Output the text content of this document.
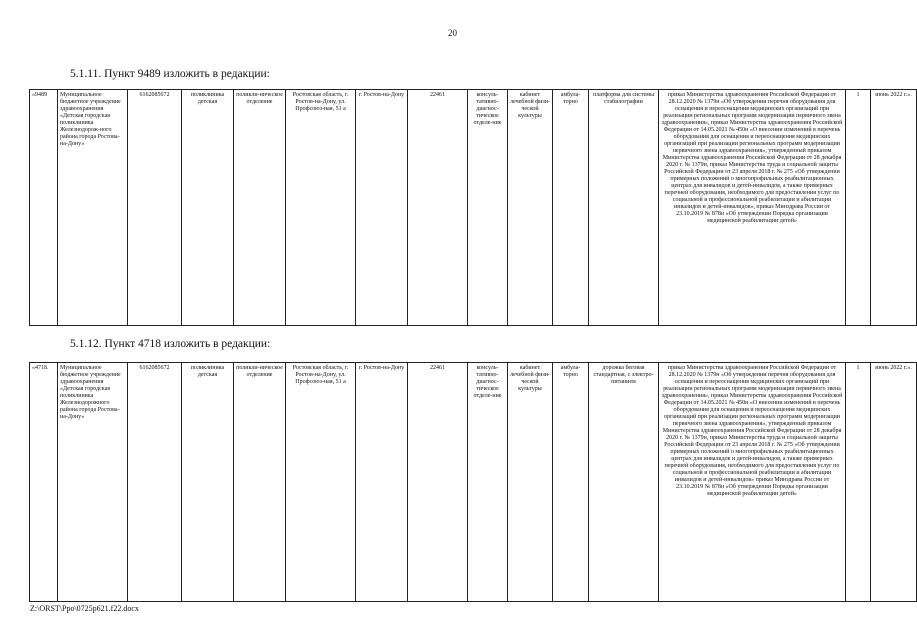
20
5.1.11. Пункт 9489 изложить в редакции:
«9489	Муниципальное бюджетное учреждение здравоохранения «Детская городская поликлиника Железнодорож-ного района города Ростова-на-Дону»	6162085672	поликлиника детская	поликли-ническое отделение	Ростовская область, г. Ростов-на-Дону, ул. Профсоюз-ная, 51 а	г. Ростов-на-Дону	22461	консуль-тативно-диагнос-тическое отделе-ние	кабинет лечебной физи-ческой культуры	амбула-торно	платформа для системы стабилографии	приказ Министерства здравоохранения Российской Федерации от 28.12.2020 № 1379н «Об утверждении перечня оборудования для оснащения и переоснащения медицинских организаций при реализации региональных программ модернизации первичного звена здравоохранения», приказ Министерства здравоохранения Российской Федерации от 14.05.2021 № 450н «О внесении изменений в перечень оборудования для оснащения и переоснащения медицинских организаций при реализации региональных программ модернизации первичного звена здравоохранения», утвержденный приказом Министерства здравоохранения Российской Федерации от 28 декабря 2020 г. № 1379н, приказ Министерства труда и социальной защиты Российской Федерации от 23 апреля 2018 г. № 275 «Об утверждении примерных положений о многопрофильных реабилитационных центрах для инвалидов и детей-инвалидов, а также примерных перечней оборудования, необходимого для предоставления услуг по социальной и профессиональной реабилитации и абилитации инвалидов и детей-инвалидов», приказ Минздрава России от 23.10.2019 № 878н «Об утверждении Порядка организации медицинской реабилитации детей»	1	июнь 2022 г.».
5.1.12. Пункт 4718 изложить в редакции:
«4718.	Муниципальное бюджетное учреждение здравоохранения «Детская городская поликлиника Железнодорожного района города Ростова-на-Дону»	6162085672	поликлиника детская	поликли-ническое отделение	Ростовская область, г. Ростов-на-Дону, ул. Профсоюз-ная, 51 а	г. Ростов-на-Дону	22461	консуль-тативно-диагнос-тическое отделе-ние	кабинет лечебной физи-ческой культуры	амбула-торно	дорожка беговая стандартная, с электро-питанием	приказ Министерства здравоохранения Российской Федерации от 28.12.2020 № 1379н «Об утверждении перечня оборудования для оснащения и переоснащения медицинских организаций при реализации региональных программ модернизации первичного звена здравоохранения», приказ Министерства здравоохранения Российской Федерации от 14.05.2021 № 450н «О внесении изменений в перечень оборудования для оснащения и переоснащения медицинских организаций при реализации региональных программ модернизации первичного звена здравоохранения», утвержденный приказом Министерства здравоохранения Российской Федерации от 28 декабря 2020 г. № 1379н, приказ Министерства труда и социальной защиты Российской Федерации от 23 апреля 2018 г. № 275 «Об утверждении примерных положений о многопрофильных реабилитационных центрах для инвалидов и детей-инвалидов, а также примерных перечней оборудования, необходимого для предоставления услуг по социальной и профессиональной реабилитации и абилитации инвалидов и детей-инвалидов» приказ Минздрава России от 23.10.2019 № 878н «Об утверждении Порядка организации медицинской реабилитации детей»	1	июнь 2022 г.».
Z:\ORST\Ppo\0725p621.f22.docx
